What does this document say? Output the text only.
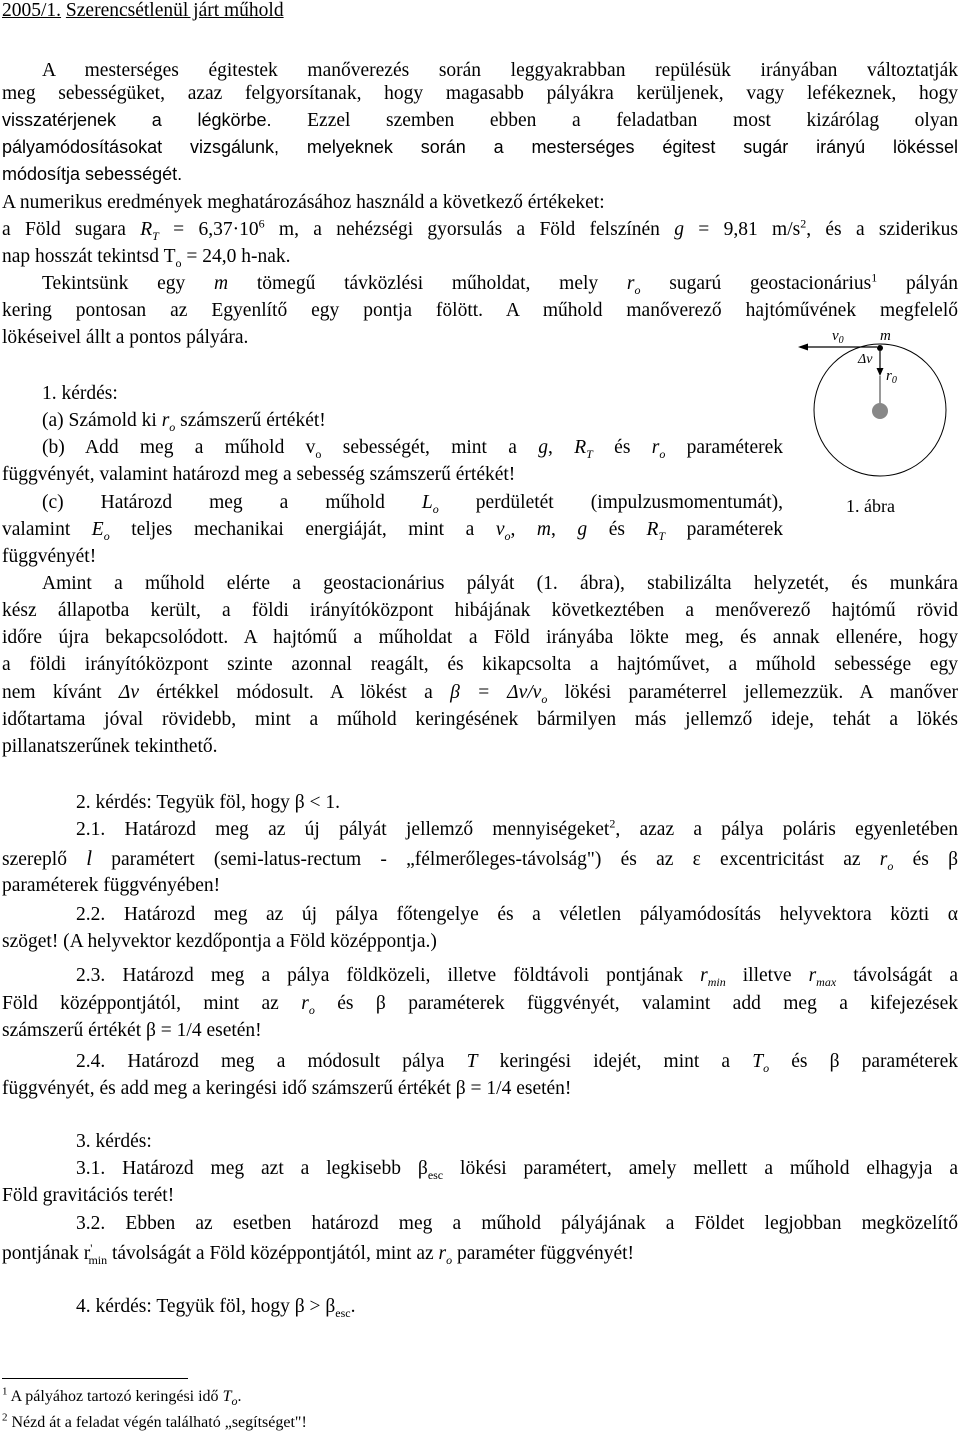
2005/1. Szerencsétlenül járt műhold
A mesterséges égitestek manőverezés során leggyakrabban repülésük irányában változtatják
meg sebességüket, azaz felgyorsítanak, hogy magasabb pályákra kerüljenek, vagy lefékeznek, hogy
visszatérjenek a légkörbe. Ezzel szemben ebben a feladatban most kizárólag olyan
pályamódosításokat vizsgálunk, melyeknek során a mesterséges égitest sugár irányú lökéssel
módosítja sebességét.
A numerikus eredmények meghatározásához használd a következő értékeket:
a Föld sugara $R_T = 6,37\cdot 10^6$ m, a nehézségi gyorsulás a Föld felszínén g = 9,81 $m/s^2$, és a sziderikus
nap hosszát tekintsd $T_o = 24,0$ h-nak.
Tekintsünk egy m tömegű távközlési műholdat, mely $r_o$ sugarú geostacionárius$^1$ pályán
kering pontosan az Egyenlítő egy pontja fölött. A műhold manőverező hajtóművének megfelelő
lökéseivel állt a pontos pályára.	$v_0$ m
Δv
$r_0$
1. ábra
1. kérdés:
(a) Számold ki $r_o$ számszerű értékét!
(b) Add meg a műhold $v_o$ sebességét, mint a g, $R_T$ és $r_o$ paraméterek
függvényét, valamint határozd meg a sebesség számszerű értékét!
(c) Határozd meg a műhold $L_o$ perdületét (impulzusmomentumát),
valamint $E_o$ teljes mechanikai energiáját, mint a $v_o$, m, g és $R_T$ paraméterek
függvényét!
Amint a műhold elérte a geostacionárius pályát (1. ábra), stabilizálta helyzetét, és munkára
kész állapotba került, a földi irányítóközpont hibájának következtében a menőverező hajtómű rövid
időre újra bekapcsolódott. A hajtómű a műholdat a Föld irányába lökte meg, és annak ellenére, hogy
a földi irányítóközpont szinte azonnal reagált, és kikapcsolta a hajtóművet, a műhold sebessége egy
nem kívánt Δv értékkel módosult. A lökést a $\beta = \Delta v/v_o$ lökési paraméterrel jellemezzük. A manőver
időtartama jóval rövidebb, mint a műhold keringésének bármilyen más jellemző ideje, tehát a lökés
pillanatszerűnek tekinthető.
2. kérdés: Tegyük föl, hogy β < 1.
2.1. Határozd meg az új pályát jellemző mennyiségeket$^2$, azaz a pálya poláris egyenletében
szereplő l paramétert (semi-latus-rectum - „félmerőleges-távolság") és az ε excentricitást az $r_o$ és β
paraméterek függvényében!
2.2. Határozd meg az új pálya főtengelye és a véletlen pályamódosítás helyvektora közti α
szöget! (A helyvektor kezdőpontja a Föld középpontja.)
2.3. Határozd meg a pálya földközeli, illetve földtávoli pontjának $r_{min}$ illetve $r_{max}$ távolságát a
Föld középpontjától, mint az $r_o$ és β paraméterek függvényét, valamint add meg a kifejezések
számszerű értékét β = 1/4 esetén!
2.4. Határozd meg a módosult pálya T keringési idejét, mint a $T_o$ és β paraméterek
függvényét, és add meg a keringési idő számszerű értékét β = 1/4 esetén!
3. kérdés:
3.1. Határozd meg azt a legkisebb $\beta_{esc}$ lökési paramétert, amely mellett a műhold elhagyja a
Föld gravitációs terét!
3.2. Ebben az esetben határozd meg a műhold pályájának a Földet legjobban megközelítő
pontjának $r'_{min}$ távolságát a Föld középpontjától, mint az $r_o$ paraméter függvényét!
4. kérdés: Tegyük föl, hogy $\beta > \beta_{esc}$.
$^1$ A pályához tartozó keringési idő $T_o$.
$^2$ Nézd át a feladat végén található „segítséget"!
